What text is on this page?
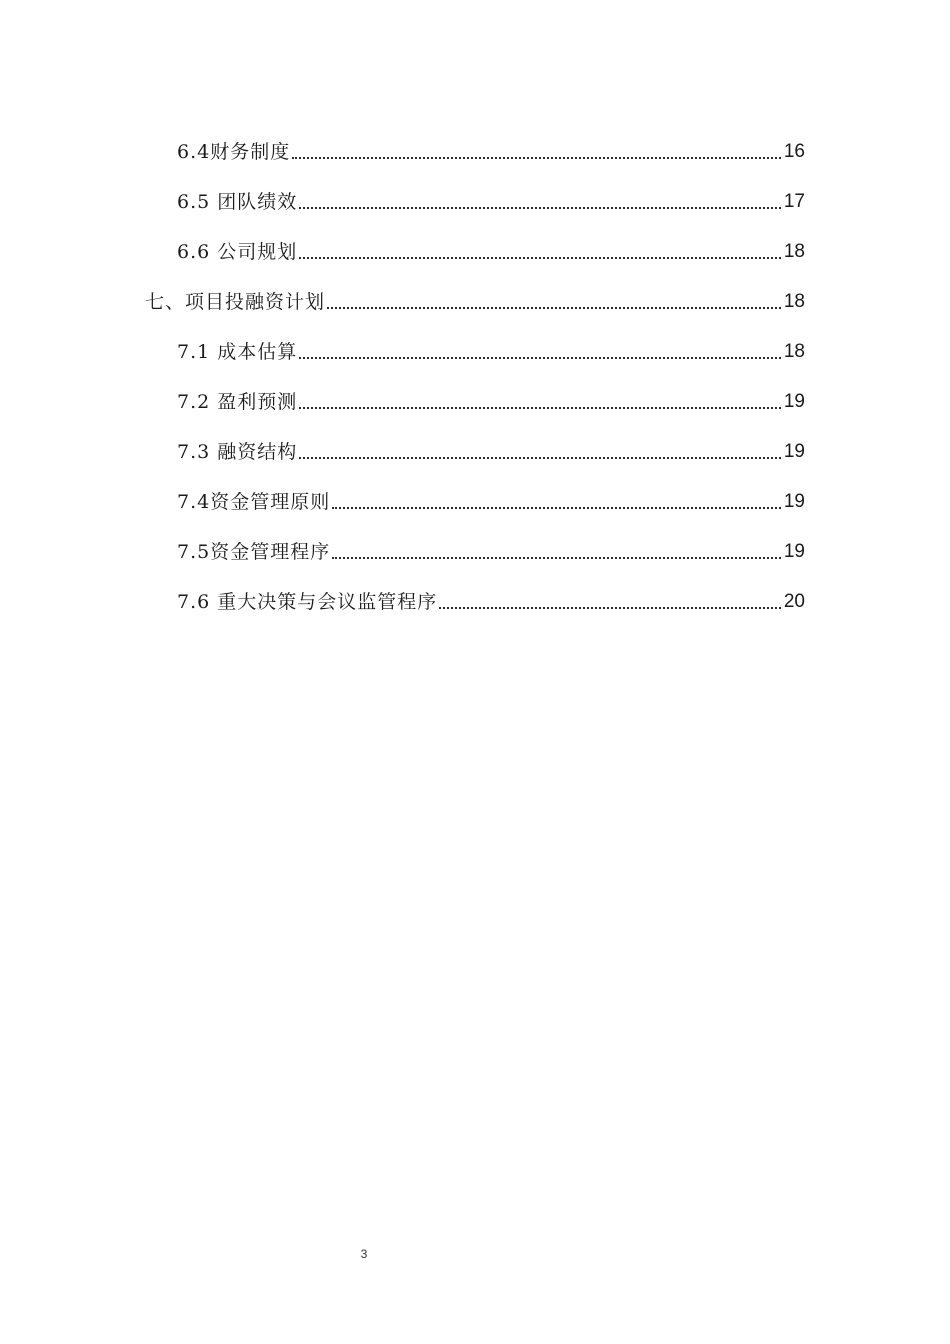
6.4财务制度	16
6.5 团队绩效	17
6.6 公司规划	18
七、项目投融资计划	18
7.1 成本估算	18
7.2 盈利预测	19
7.3 融资结构	19
7.4资金管理原则	19
7.5资金管理程序	19
7.6 重大决策与会议监管程序	20
3
